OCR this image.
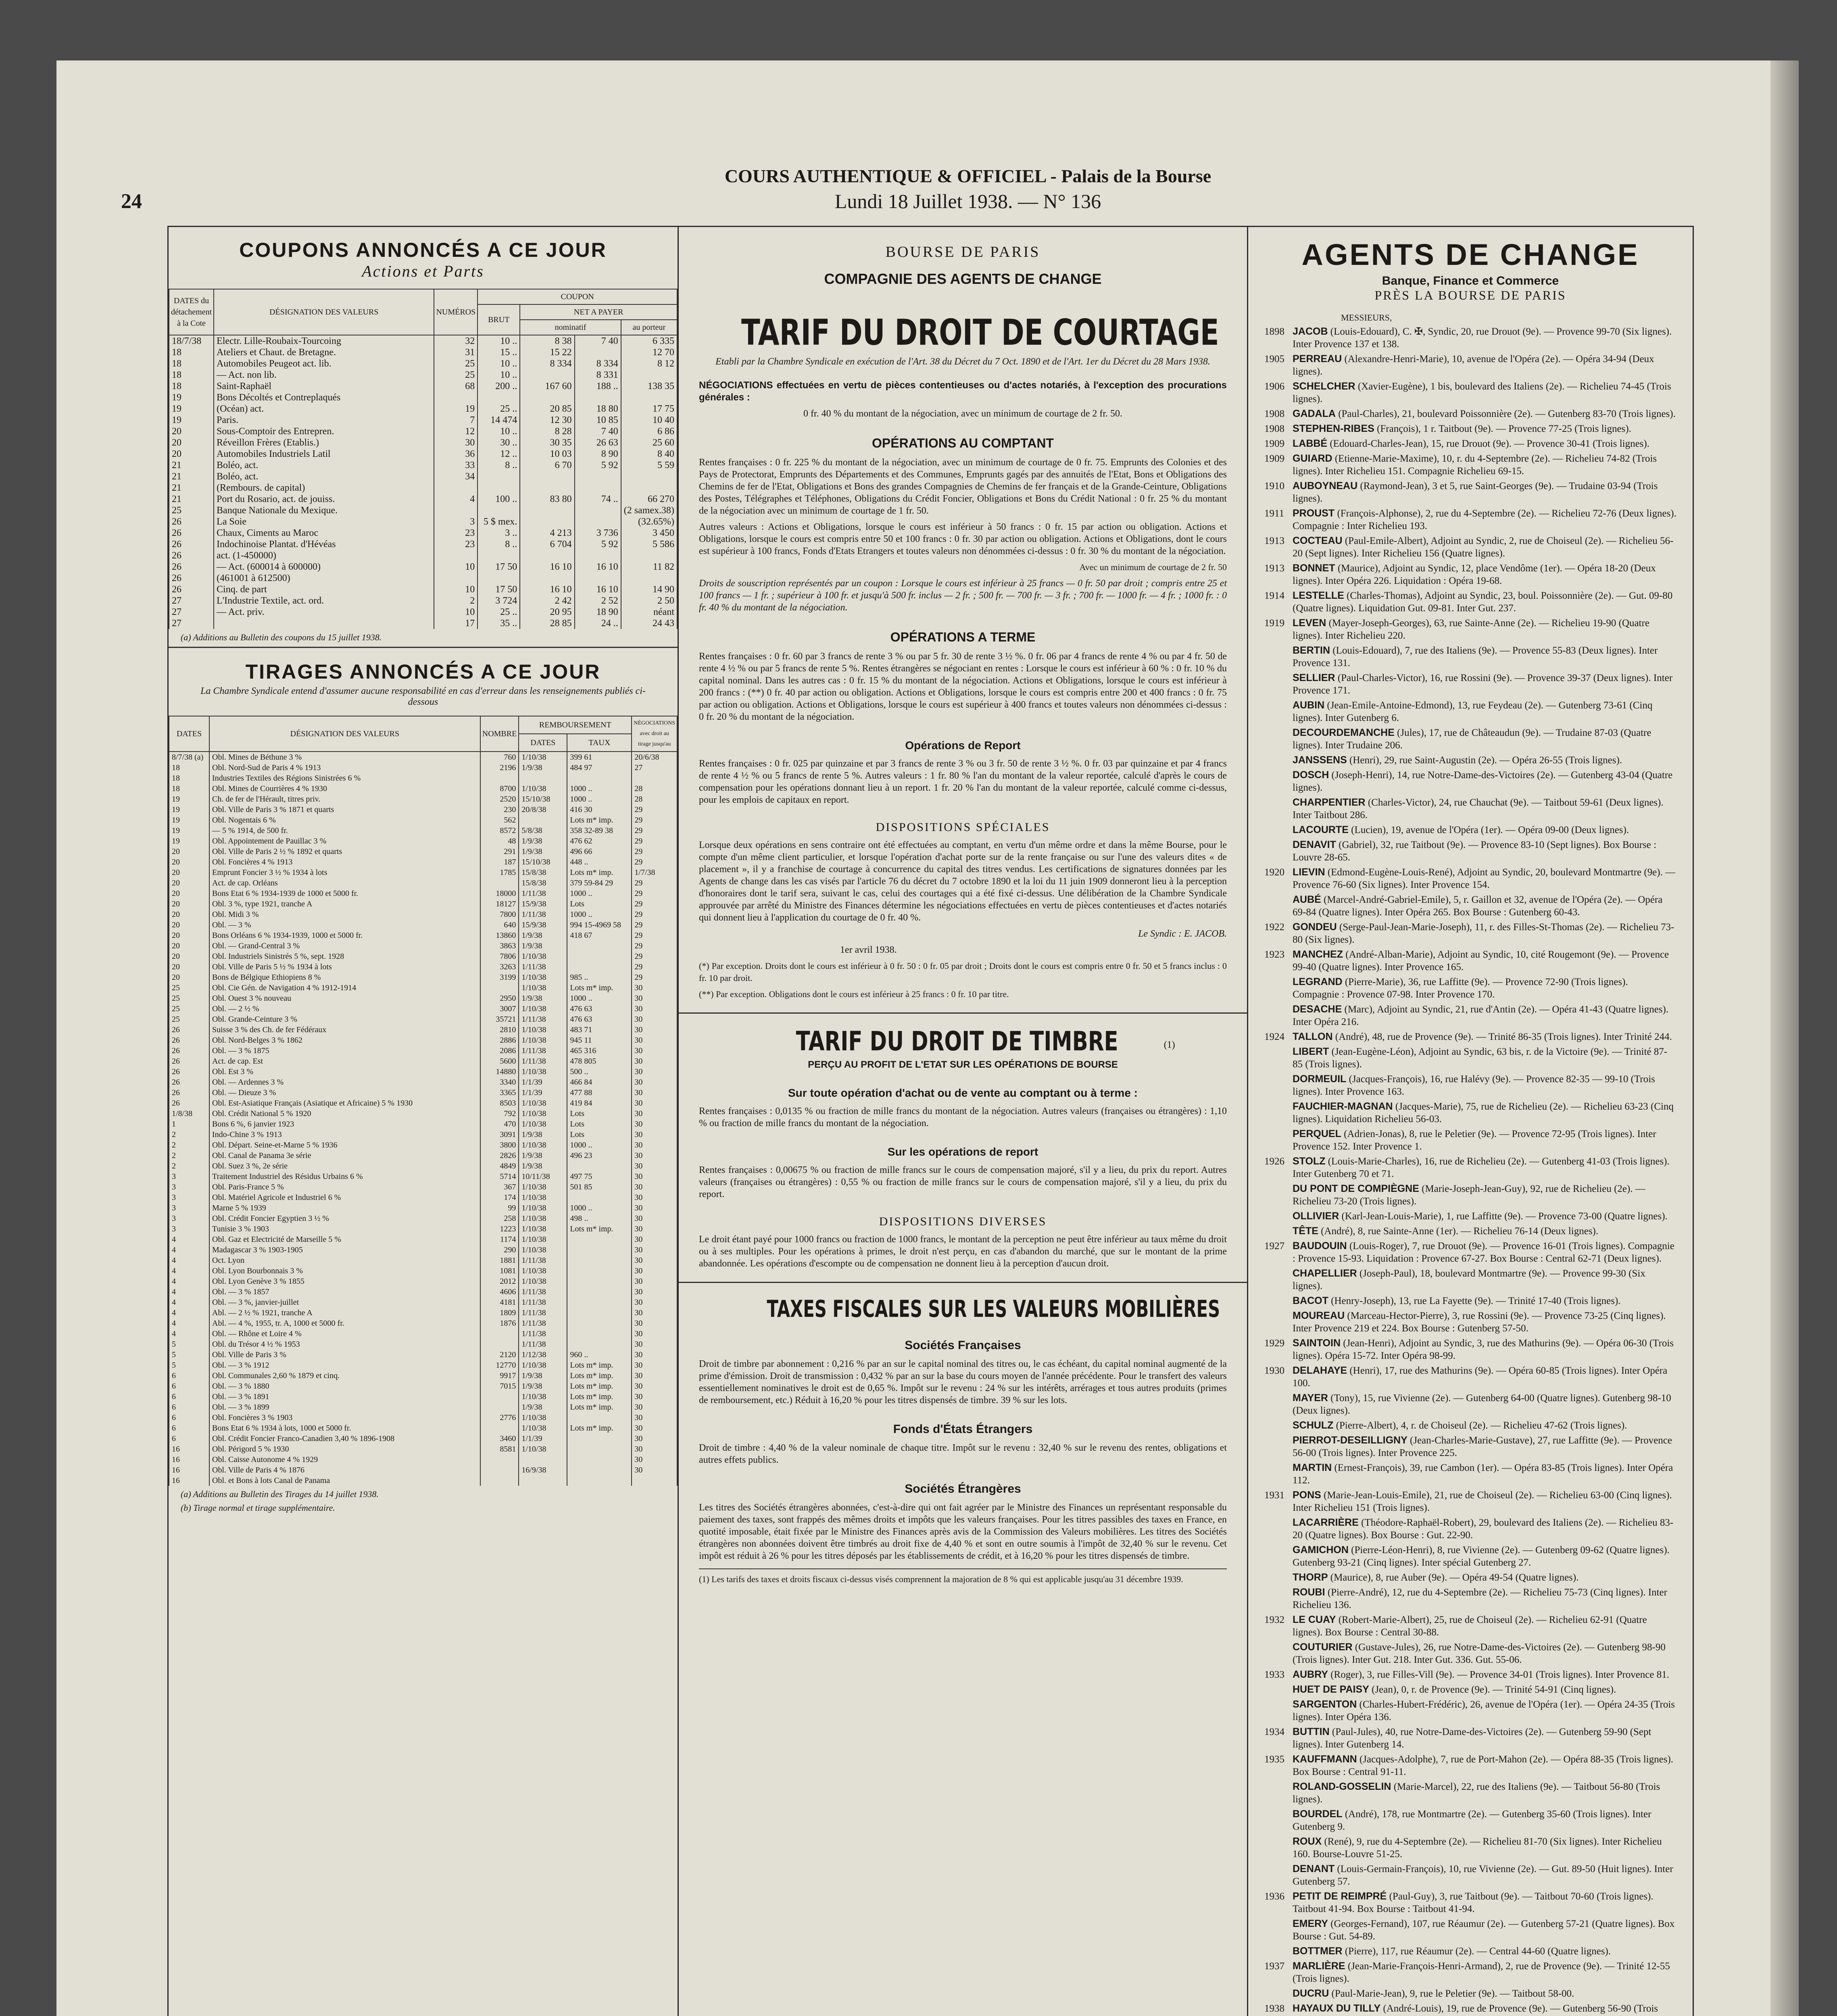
24
COURS AUTHENTIQUE & OFFICIEL - Palais de la Bourse
Lundi 18 Juillet 1938. — N° 136
COUPONS ANNONCÉS A CE JOUR
Actions et Parts
DATES du détachement à la Cote	DÉSIGNATION DES VALEURS	NUMÉROS	COUPON			
			BRUT	NET A PAYER		
				nominatif		au porteur
18/7/38	Electr. Lille-Roubaix-Tourcoing	32	10 ..	8 38	7 40	6 335
18	Ateliers et Chaut. de Bretagne.	31	15 ..	15 22		12 70
18	Automobiles Peugeot act. lib.	25	10 ..	8 334	8 334	8 12
18	— Act. non lib.	25	10 ..		8 331	
18	Saint-Raphaël	68	200 ..	167 60	188 ..	138 35
19	Bons Décoltés et Contreplaqués					
19	(Océan) act.	19	25 ..	20 85	18 80	17 75
19	Paris.	7	14 474	12 30	10 85	10 40
20	Sous-Comptoir des Entrepren.	12	10 ..	8 28	7 40	6 86
20	Réveillon Frères (Etablis.)	30	30 ..	30 35	26 63	25 60
20	Automobiles Industriels Latil	36	12 ..	10 03	8 90	8 40
21	Boléo, act.	33	8 ..	6 70	5 92	5 59
21	Boléo, act.	34				
21	(Rembours. de capital)					
21	Port du Rosario, act. de jouiss.	4	100 ..	83 80	74 ..	66 270
25	Banque Nationale du Mexique.					(2 samex.38)
26	La Soie	3	5 $ mex.			(32.65%)
26	Chaux, Ciments au Maroc	23	3 ..	4 213	3 736	3 450
26	Indochinoise Plantat. d'Hévéas	23	8 ..	6 704	5 92	5 586
26	act. (1-450000)					
26	— Act. (600014 à 600000)	10	17 50	16 10	16 10	11 82
26	(461001 à 612500)					
26	Cinq. de part	10	17 50	16 10	16 10	14 90
27	L'Industrie Textile, act. ord.	2	3 724	2 42	2 52	2 50
27	— Act. priv.	10	25 ..	20 95	18 90	néant
27		17	35 ..	28 85	24 ..	24 43
(a) Additions au Bulletin des coupons du 15 juillet 1938.
TIRAGES ANNONCÉS A CE JOUR
La Chambre Syndicale entend d'assumer aucune responsabilité en cas d'erreur dans les renseignements publiés ci-dessous
DATES	DÉSIGNATION DES VALEURS	NOMBRE	REMBOURSEMENT		NÉGOCIATIONS avec droit au tirage jusqu'au
			DATES	TAUX	
8/7/38 (a)	Obl. Mines de Béthune 3 %	760	1/10/38	399 61	20/6/38
18	Obl. Nord-Sud de Paris 4 % 1913	2196	1/9/38	484 97	27
18	Industries Textiles des Régions Sinistrées 6 %				
18	Obl. Mines de Courrières 4 % 1930	8700	1/10/38	1000 ..	28
19	Ch. de fer de l'Hérault, titres priv.	2520	15/10/38	1000 ..	28
19	Obl. Ville de Paris 3 % 1871 et quarts	230	20/8/38	416 30	29
19	Obl. Nogentais 6 %	562		Lots m* imp.	29
19	— 5 % 1914, de 500 fr.	8572	5/8/38	358 32-89 38	29
19	Obl. Appointement de Pauillac 3 %	48	1/9/38	476 62	29
20	Obl. Ville de Paris 2 ½ % 1892 et quarts	291	1/9/38	496 66	29
20	Obl. Foncières 4 % 1913	187	15/10/38	448 ..	29
20	Emprunt Foncier 3 ½ % 1934 à lots	1785	15/8/38	Lots m* imp.	1/7/38
20	Act. de cap. Orléans		15/8/38	379 59-84 29	29
20	Bons Etat 6 % 1934-1939 de 1000 et 5000 fr.	18000	1/11/38	1000 ..	29
20	Obl. 3 %, type 1921, tranche A	18127	15/9/38	Lots	29
20	Obl. Midi 3 %	7800	1/11/38	1000 ..	29
20	Obl. — 3 %	640	15/9/38	994 15-4969 58	29
20	Bons Orléans 6 % 1934-1939, 1000 et 5000 fr.	13860	1/9/38	418 67	29
20	Obl. — Grand-Central 3 %	3863	1/9/38		29
20	Obl. Industriels Sinistrés 5 %, sept. 1928	7806	1/10/38		29
20	Obl. Ville de Paris 5 ½ % 1934 à lots	3263	1/11/38		29
20	Bons de Bélgique Ethiopiens 8 %	3199	1/10/38	985 ..	29
25	Obl. Cie Gén. de Navigation 4 % 1912-1914		1/10/38	Lots m* imp.	30
25	Obl. Ouest 3 % nouveau	2950	1/9/38	1000 ..	30
25	Obl. — 2 ½ %	3007	1/10/38	476 63	30
25	Obl. Grande-Ceinture 3 %	35721	1/11/38	476 63	30
26	Suisse 3 % des Ch. de fer Fédéraux	2810	1/10/38	483 71	30
26	Obl. Nord-Belges 3 % 1862	2886	1/10/38	945 11	30
26	Obl. — 3 % 1875	2086	1/11/38	465 316	30
26	Act. de cap. Est	5600	1/11/38	478 805	30
26	Obl. Est 3 %	14880	1/10/38	500 ..	30
26	Obl. — Ardennes 3 %	3340	1/1/39	466 84	30
26	Obl. — Dieuze 3 %	3365	1/1/39	477 88	30
26	Obl. Est-Asiatique Français (Asiatique et Africaine) 5 % 1930	8503	1/10/38	419 84	30
1/8/38	Obl. Crédit National 5 % 1920	792	1/10/38	Lots	30
1	Bons 6 %, 6 janvier 1923	470	1/10/38	Lots	30
2	Indo-Chine 3 % 1913	3091	1/9/38	Lots	30
2	Obl. Départ. Seine-et-Marne 5 % 1936	3800	1/10/38	1000 ..	30
2	Obl. Canal de Panama 3e série	2826	1/9/38	496 23	30
2	Obl. Suez 3 %, 2e série	4849	1/9/38		30
3	Traitement Industriel des Résidus Urbains 6 %	5714	10/11/38	497 75	30
3	Obl. Paris-France 5 %	367	1/10/38	501 85	30
3	Obl. Matériel Agricole et Industriel 6 %	174	1/10/38		30
3	Marne 5 % 1939	99	1/10/38	1000 ..	30
3	Obl. Crédit Foncier Egyptien 3 ½ %	258	1/10/38	498 ..	30
3	Tunisie 3 % 1903	1223	1/10/38	Lots m* imp.	30
4	Obl. Gaz et Electricité de Marseille 5 %	1174	1/10/38		30
4	Madagascar 3 % 1903-1905	290	1/10/38		30
4	Oct. Lyon	1881	1/11/38		30
4	Obl. Lyon Bourbonnais 3 %	1081	1/10/38		30
4	Obl. Lyon Genève 3 % 1855	2012	1/10/38		30
4	Obl. — 3 % 1857	4606	1/11/38		30
4	Obl. — 3 %, janvier-juillet	4181	1/11/38		30
4	Abl. — 2 ½ % 1921, tranche A	1809	1/11/38		30
4	Abl. — 4 %, 1955, tr. A, 1000 et 5000 fr.	1876	1/11/38		30
4	Obl. — Rhône et Loire 4 %		1/11/38		30
5	Obl. du Trésor 4 ½ % 1953		1/11/38		30
5	Obl. Ville de Paris 3 %	2120	1/12/38	960 ..	30
5	Obl. — 3 % 1912	12770	1/10/38	Lots m* imp.	30
6	Obl. Communales 2,60 % 1879 et cinq.	9917	1/9/38	Lots m* imp.	30
6	Obl. — 3 % 1880	7015	1/9/38	Lots m* imp.	30
6	Obl. — 3 % 1891		1/10/38	Lots m* imp.	30
6	Obl. — 3 % 1899		1/9/38	Lots m* imp.	30
6	Obl. Foncières 3 % 1903	2776	1/10/38		30
6	Bons Etat 6 % 1934 à lots, 1000 et 5000 fr.		1/10/38	Lots m* imp.	30
6	Obl. Crédit Foncier Franco-Canadien 3,40 % 1896-1908	3460	1/1/39		30
16	Obl. Périgord 5 % 1930	8581	1/10/38		30
16	Obl. Caisse Autonome 4 % 1929				30
16	Obl. Ville de Paris 4 % 1876		16/9/38		30
16	Obl. et Bons à lots Canal de Panama				
(a) Additions au Bulletin des Tirages du 14 juillet 1938.
(b) Tirage normal et tirage supplémentaire.
BOURSE DE PARIS
COMPAGNIE DES AGENTS DE CHANGE
TARIF DU DROIT DE COURTAGE
Etabli par la Chambre Syndicale en exécution de l'Art. 38 du Décret du 7 Oct. 1890 et de l'Art. 1er du Décret du 28 Mars 1938.
NÉGOCIATIONS effectuées en vertu de pièces contentieuses ou d'actes notariés, à l'exception des procurations générales :
0 fr. 40 % du montant de la négociation, avec un minimum de courtage de 2 fr. 50.
OPÉRATIONS AU COMPTANT
Rentes françaises : 0 fr. 225 % du montant de la négociation, avec un minimum de courtage de 0 fr. 75. Emprunts des Colonies et des Pays de Protectorat, Emprunts des Départements et des Communes, Emprunts gagés par des annuités de l'Etat, Bons et Obligations des Chemins de fer de l'Etat, Obligations et Bons des grandes Compagnies de Chemins de fer français et de la Grande-Ceinture, Obligations des Postes, Télégraphes et Téléphones, Obligations du Crédit Foncier, Obligations et Bons du Crédit National : 0 fr. 25 % du montant de la négociation avec un minimum de courtage de 1 fr. 50.
Autres valeurs : Actions et Obligations, lorsque le cours est inférieur à 50 francs : 0 fr. 15 par action ou obligation. Actions et Obligations, lorsque le cours est compris entre 50 et 100 francs : 0 fr. 30 par action ou obligation. Actions et Obligations, dont le cours est supérieur à 100 francs, Fonds d'Etats Etrangers et toutes valeurs non dénommées ci-dessus : 0 fr. 30 % du montant de la négociation.
Avec un minimum de courtage de 2 fr. 50
Droits de souscription représentés par un coupon : Lorsque le cours est inférieur à 25 francs — 0 fr. 50 par droit ; compris entre 25 et 100 francs — 1 fr. ; supérieur à 100 fr. et jusqu'à 500 fr. inclus — 2 fr. ; 500 fr. — 700 fr. — 3 fr. ; 700 fr. — 1000 fr. — 4 fr. ; 1000 fr. : 0 fr. 40 % du montant de la négociation.
OPÉRATIONS A TERME
Rentes françaises : 0 fr. 60 par 3 francs de rente 3 % ou par 5 fr. 30 de rente 3 ½ %. 0 fr. 06 par 4 francs de rente 4 % ou par 4 fr. 50 de rente 4 ½ % ou par 5 francs de rente 5 %. Rentes étrangères se négociant en rentes : Lorsque le cours est inférieur à 60 % : 0 fr. 10 % du capital nominal. Dans les autres cas : 0 fr. 15 % du montant de la négociation. Actions et Obligations, lorsque le cours est inférieur à 200 francs : (**) 0 fr. 40 par action ou obligation. Actions et Obligations, lorsque le cours est compris entre 200 et 400 francs : 0 fr. 75 par action ou obligation. Actions et Obligations, lorsque le cours est supérieur à 400 francs et toutes valeurs non dénommées ci-dessus : 0 fr. 20 % du montant de la négociation.
Opérations de Report
Rentes françaises : 0 fr. 025 par quinzaine et par 3 francs de rente 3 % ou 3 fr. 50 de rente 3 ½ %. 0 fr. 03 par quinzaine et par 4 francs de rente 4 ½ % ou 5 francs de rente 5 %. Autres valeurs : 1 fr. 80 % l'an du montant de la valeur reportée, calculé d'après le cours de compensation pour les opérations donnant lieu à un report. 1 fr. 20 % l'an du montant de la valeur reportée, calculé comme ci-dessus, pour les emplois de capitaux en report.
DISPOSITIONS SPÉCIALES
Lorsque deux opérations en sens contraire ont été effectuées au comptant, en vertu d'un même ordre et dans la même Bourse, pour le compte d'un même client particulier, et lorsque l'opération d'achat porte sur de la rente française ou sur l'une des valeurs dites « de placement », il y a franchise de courtage à concurrence du capital des titres vendus. Les certifications de signatures données par les Agents de change dans les cas visés par l'article 76 du décret du 7 octobre 1890 et la loi du 11 juin 1909 donneront lieu à la perception d'honoraires dont le tarif sera, suivant le cas, celui des courtages qui a été fixé ci-dessus. Une délibération de la Chambre Syndicale approuvée par arrêté du Ministre des Finances détermine les négociations effectuées en vertu de pièces contentieuses et d'actes notariés qui donnent lieu à l'application du courtage de 0 fr. 40 %.
Le Syndic : E. JACOB.
1er avril 1938.
(*) Par exception. Droits dont le cours est inférieur à 0 fr. 50 : 0 fr. 05 par droit ; Droits dont le cours est compris entre 0 fr. 50 et 5 francs inclus : 0 fr. 10 par droit.
(**) Par exception. Obligations dont le cours est inférieur à 25 francs : 0 fr. 10 par titre.
TARIF DU DROIT DE TIMBRE	$^{(1)}$
PERÇU AU PROFIT DE L'ETAT SUR LES OPÉRATIONS DE BOURSE
Sur toute opération d'achat ou de vente au comptant ou à terme :
Rentes françaises : 0,0135 % ou fraction de mille francs du montant de la négociation. Autres valeurs (françaises ou étrangères) : 1,10 % ou fraction de mille francs du montant de la négociation.
Sur les opérations de report
Rentes françaises : 0,00675 % ou fraction de mille francs sur le cours de compensation majoré, s'il y a lieu, du prix du report. Autres valeurs (françaises ou étrangères) : 0,55 % ou fraction de mille francs sur le cours de compensation majoré, s'il y a lieu, du prix du report.
DISPOSITIONS DIVERSES
Le droit étant payé pour 1000 francs ou fraction de 1000 francs, le montant de la perception ne peut être inférieur au taux même du droit ou à ses multiples. Pour les opérations à primes, le droit n'est perçu, en cas d'abandon du marché, que sur le montant de la prime abandonnée. Les opérations d'escompte ou de compensation ne donnent lieu à la perception d'aucun droit.
TAXES FISCALES SUR LES VALEURS MOBILIÈRES
Sociétés Françaises
Droit de timbre par abonnement : 0,216 % par an sur le capital nominal des titres ou, le cas échéant, du capital nominal augmenté de la prime d'émission. Droit de transmission : 0,432 % par an sur la base du cours moyen de l'année précédente. Pour le transfert des valeurs essentiellement nominatives le droit est de 0,65 %. Impôt sur le revenu : 24 % sur les intérêts, arrérages et tous autres produits (primes de remboursement, etc.) Réduit à 16,20 % pour les titres dispensés de timbre. 39 % sur les lots.
Fonds d'États Étrangers
Droit de timbre : 4,40 % de la valeur nominale de chaque titre. Impôt sur le revenu : 32,40 % sur le revenu des rentes, obligations et autres effets publics.
Sociétés Étrangères
Les titres des Sociétés étrangères abonnées, c'est-à-dire qui ont fait agréer par le Ministre des Finances un représentant responsable du paiement des taxes, sont frappés des mêmes droits et impôts que les valeurs françaises. Pour les titres passibles des taxes en France, en quotité imposable, était fixée par le Ministre des Finances après avis de la Commission des Valeurs mobilières. Les titres des Sociétés étrangères non abonnées doivent être timbrés au droit fixe de 4,40 % et sont en outre soumis à l'impôt de 32,40 % sur le revenu. Cet impôt est réduit à 26 % pour les titres déposés par les établissements de crédit, et à 16,20 % pour les titres dispensés de timbre.
(1) Les tarifs des taxes et droits fiscaux ci-dessus visés comprennent la majoration de 8 % qui est applicable jusqu'au 31 décembre 1939.
AGENTS DE CHANGE
Banque, Finance et Commerce
PRÈS LA BOURSE DE PARIS
MESSIEURS,
1898 JACOB (Louis-Edouard), C. ✠, Syndic, 20, rue Drouot (9e). — Provence 99-70 (Six lignes). Inter Provence 137 et 138.
1905 PERREAU (Alexandre-Henri-Marie), 10, avenue de l'Opéra (2e). — Opéra 34-94 (Deux lignes).
1906 SCHELCHER (Xavier-Eugène), 1 bis, boulevard des Italiens (2e). — Richelieu 74-45 (Trois lignes).
1908 GADALA (Paul-Charles), 21, boulevard Poissonnière (2e). — Gutenberg 83-70 (Trois lignes).
1908 STEPHEN-RIBES (François), 1 r. Taitbout (9e). — Provence 77-25 (Trois lignes).
1909 LABBÉ (Edouard-Charles-Jean), 15, rue Drouot (9e). — Provence 30-41 (Trois lignes).
1909 GUIARD (Etienne-Marie-Maxime), 10, r. du 4-Septembre (2e). — Richelieu 74-82 (Trois lignes). Inter Richelieu 151. Compagnie Richelieu 69-15.
1910 AUBOYNEAU (Raymond-Jean), 3 et 5, rue Saint-Georges (9e). — Trudaine 03-94 (Trois lignes).
1911 PROUST (François-Alphonse), 2, rue du 4-Septembre (2e). — Richelieu 72-76 (Deux lignes). Compagnie : Inter Richelieu 193.
1913 COCTEAU (Paul-Emile-Albert), Adjoint au Syndic, 2, rue de Choiseul (2e). — Richelieu 56-20 (Sept lignes). Inter Richelieu 156 (Quatre lignes).
1913 BONNET (Maurice), Adjoint au Syndic, 12, place Vendôme (1er). — Opéra 18-20 (Deux lignes). Inter Opéra 226. Liquidation : Opéra 19-68.
1914 LESTELLE (Charles-Thomas), Adjoint au Syndic, 23, boul. Poissonnière (2e). — Gut. 09-80 (Quatre lignes). Liquidation Gut. 09-81. Inter Gut. 237.
1919 LEVEN (Mayer-Joseph-Georges), 63, rue Sainte-Anne (2e). — Richelieu 19-90 (Quatre lignes). Inter Richelieu 220.
BERTIN (Louis-Edouard), 7, rue des Italiens (9e). — Provence 55-83 (Deux lignes). Inter Provence 131.
SELLIER (Paul-Charles-Victor), 16, rue Rossini (9e). — Provence 39-37 (Deux lignes). Inter Provence 171.
AUBIN (Jean-Emile-Antoine-Edmond), 13, rue Feydeau (2e). — Gutenberg 73-61 (Cinq lignes). Inter Gutenberg 6.
DECOURDEMANCHE (Jules), 17, rue de Châteaudun (9e). — Trudaine 87-03 (Quatre lignes). Inter Trudaine 206.
JANSSENS (Henri), 29, rue Saint-Augustin (2e). — Opéra 26-55 (Trois lignes).
DOSCH (Joseph-Henri), 14, rue Notre-Dame-des-Victoires (2e). — Gutenberg 43-04 (Quatre lignes).
CHARPENTIER (Charles-Victor), 24, rue Chauchat (9e). — Taitbout 59-61 (Deux lignes). Inter Taitbout 286.
LACOURTE (Lucien), 19, avenue de l'Opéra (1er). — Opéra 09-00 (Deux lignes).
DENAVIT (Gabriel), 32, rue Taitbout (9e). — Provence 83-10 (Sept lignes). Box Bourse : Louvre 28-65.
1920 LIEVIN (Edmond-Eugène-Louis-René), Adjoint au Syndic, 20, boulevard Montmartre (9e). — Provence 76-60 (Six lignes). Inter Provence 154.
AUBÉ (Marcel-André-Gabriel-Emile), 5, r. Gaillon et 32, avenue de l'Opéra (2e). — Opéra 69-84 (Quatre lignes). Inter Opéra 265. Box Bourse : Gutenberg 60-43.
1922 GONDEU (Serge-Paul-Jean-Marie-Joseph), 11, r. des Filles-St-Thomas (2e). — Richelieu 73-80 (Six lignes).
1923 MANCHEZ (André-Alban-Marie), Adjoint au Syndic, 10, cité Rougemont (9e). — Provence 99-40 (Quatre lignes). Inter Provence 165.
LEGRAND (Pierre-Marie), 36, rue Laffitte (9e). — Provence 72-90 (Trois lignes). Compagnie : Provence 07-98. Inter Provence 170.
DESACHE (Marc), Adjoint au Syndic, 21, rue d'Antin (2e). — Opéra 41-43 (Quatre lignes). Inter Opéra 216.
1924 TALLON (André), 48, rue de Provence (9e). — Trinité 86-35 (Trois lignes). Inter Trinité 244.
LIBERT (Jean-Eugène-Léon), Adjoint au Syndic, 63 bis, r. de la Victoire (9e). — Trinité 87-85 (Trois lignes).
DORMEUIL (Jacques-François), 16, rue Halévy (9e). — Provence 82-35 — 99-10 (Trois lignes). Inter Provence 163.
FAUCHIER-MAGNAN (Jacques-Marie), 75, rue de Richelieu (2e). — Richelieu 63-23 (Cinq lignes). Liquidation Richelieu 56-03.
PERQUEL (Adrien-Jonas), 8, rue le Peletier (9e). — Provence 72-95 (Trois lignes). Inter Provence 152. Inter Provence 1.
1926 STOLZ (Louis-Marie-Charles), 16, rue de Richelieu (2e). — Gutenberg 41-03 (Trois lignes). Inter Gutenberg 70 et 71.
DU PONT DE COMPIÈGNE (Marie-Joseph-Jean-Guy), 92, rue de Richelieu (2e). — Richelieu 73-20 (Trois lignes).
OLLIVIER (Karl-Jean-Louis-Marie), 1, rue Laffitte (9e). — Provence 73-00 (Quatre lignes).
TÊTE (André), 8, rue Sainte-Anne (1er). — Richelieu 76-14 (Deux lignes).
1927 BAUDOUIN (Louis-Roger), 7, rue Drouot (9e). — Provence 16-01 (Trois lignes). Compagnie : Provence 15-93. Liquidation : Provence 67-27. Box Bourse : Central 62-71 (Deux lignes).
CHAPELLIER (Joseph-Paul), 18, boulevard Montmartre (9e). — Provence 99-30 (Six lignes).
BACOT (Henry-Joseph), 13, rue La Fayette (9e). — Trinité 17-40 (Trois lignes).
MOUREAU (Marceau-Hector-Pierre), 3, rue Rossini (9e). — Provence 73-25 (Cinq lignes). Inter Provence 219 et 224. Box Bourse : Gutenberg 57-50.
1929 SAINTOIN (Jean-Henri), Adjoint au Syndic, 3, rue des Mathurins (9e). — Opéra 06-30 (Trois lignes). Opéra 15-72. Inter Opéra 98-99.
1930 DELAHAYE (Henri), 17, rue des Mathurins (9e). — Opéra 60-85 (Trois lignes). Inter Opéra 100.
MAYER (Tony), 15, rue Vivienne (2e). — Gutenberg 64-00 (Quatre lignes). Gutenberg 98-10 (Deux lignes).
SCHULZ (Pierre-Albert), 4, r. de Choiseul (2e). — Richelieu 47-62 (Trois lignes).
PIERROT-DESEILLIGNY (Jean-Charles-Marie-Gustave), 27, rue Laffitte (9e). — Provence 56-00 (Trois lignes). Inter Provence 225.
MARTIN (Ernest-François), 39, rue Cambon (1er). — Opéra 83-85 (Trois lignes). Inter Opéra 112.
1931 PONS (Marie-Jean-Louis-Emile), 21, rue de Choiseul (2e). — Richelieu 63-00 (Cinq lignes). Inter Richelieu 151 (Trois lignes).
LACARRIÈRE (Théodore-Raphaël-Robert), 29, boulevard des Italiens (2e). — Richelieu 83-20 (Quatre lignes). Box Bourse : Gut. 22-90.
GAMICHON (Pierre-Léon-Henri), 8, rue Vivienne (2e). — Gutenberg 09-62 (Quatre lignes). Gutenberg 93-21 (Cinq lignes). Inter spécial Gutenberg 27.
THORP (Maurice), 8, rue Auber (9e). — Opéra 49-54 (Quatre lignes).
ROUBI (Pierre-André), 12, rue du 4-Septembre (2e). — Richelieu 75-73 (Cinq lignes). Inter Richelieu 136.
1932 LE CUAY (Robert-Marie-Albert), 25, rue de Choiseul (2e). — Richelieu 62-91 (Quatre lignes). Box Bourse : Central 30-88.
COUTURIER (Gustave-Jules), 26, rue Notre-Dame-des-Victoires (2e). — Gutenberg 98-90 (Trois lignes). Inter Gut. 218. Inter Gut. 336. Gut. 55-06.
1933 AUBRY (Roger), 3, rue Filles-Vill (9e). — Provence 34-01 (Trois lignes). Inter Provence 81.
HUET DE PAISY (Jean), 0, r. de Provence (9e). — Trinité 54-91 (Cinq lignes).
SARGENTON (Charles-Hubert-Frédéric), 26, avenue de l'Opéra (1er). — Opéra 24-35 (Trois lignes). Inter Opéra 136.
1934 BUTTIN (Paul-Jules), 40, rue Notre-Dame-des-Victoires (2e). — Gutenberg 59-90 (Sept lignes). Inter Gutenberg 14.
1935 KAUFFMANN (Jacques-Adolphe), 7, rue de Port-Mahon (2e). — Opéra 88-35 (Trois lignes). Box Bourse : Central 91-11.
ROLAND-GOSSELIN (Marie-Marcel), 22, rue des Italiens (9e). — Taitbout 56-80 (Trois lignes).
BOURDEL (André), 178, rue Montmartre (2e). — Gutenberg 35-60 (Trois lignes). Inter Gutenberg 9.
ROUX (René), 9, rue du 4-Septembre (2e). — Richelieu 81-70 (Six lignes). Inter Richelieu 160. Bourse-Louvre 51-25.
DENANT (Louis-Germain-François), 10, rue Vivienne (2e). — Gut. 89-50 (Huit lignes). Inter Gutenberg 57.
1936 PETIT DE REIMPRÉ (Paul-Guy), 3, rue Taitbout (9e). — Taitbout 70-60 (Trois lignes). Taitbout 41-94. Box Bourse : Taitbout 41-94.
EMERY (Georges-Fernand), 107, rue Réaumur (2e). — Gutenberg 57-21 (Quatre lignes). Box Bourse : Gut. 54-89.
BOTTMER (Pierre), 117, rue Réaumur (2e). — Central 44-60 (Quatre lignes).
1937 MARLIÈRE (Jean-Marie-François-Henri-Armand), 2, rue de Provence (9e). — Trinité 12-55 (Trois lignes).
DUCRU (Paul-Marie-Jean), 9, rue le Peletier (9e). — Taitbout 58-00.
1938 HAYAUX DU TILLY (André-Louis), 19, rue de Provence (9e). — Gutenberg 56-90 (Trois
